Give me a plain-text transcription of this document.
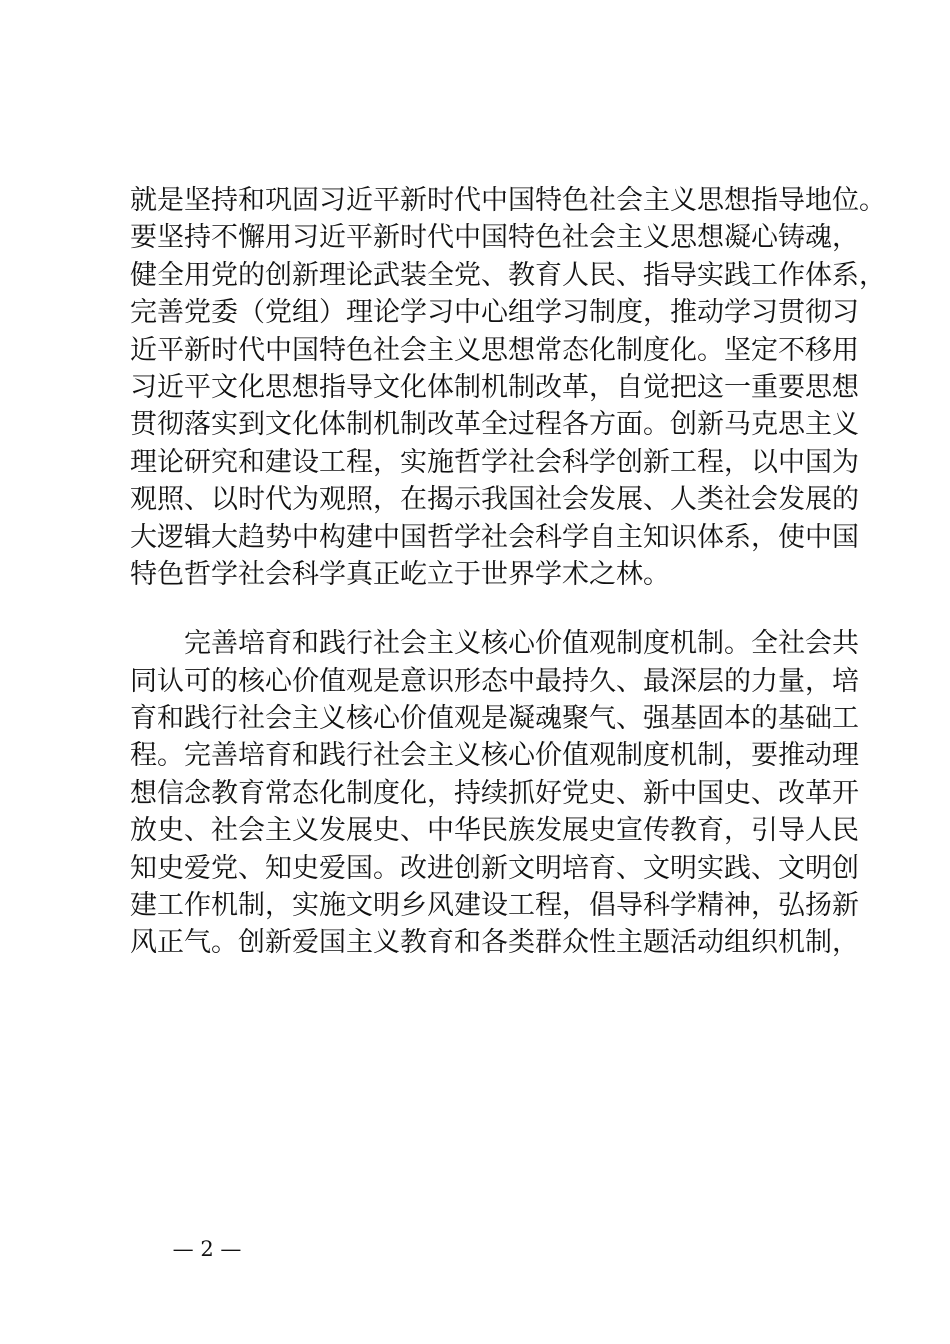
就是坚持和巩固习近平新时代中国特色社会主义思想指导地位。
要坚持不懈用习近平新时代中国特色社会主义思想凝心铸魂，
健全用党的创新理论武装全党、教育人民、指导实践工作体系，
完善党委（党组）理论学习中心组学习制度，推动学习贯彻习
近平新时代中国特色社会主义思想常态化制度化。坚定不移用
习近平文化思想指导文化体制机制改革，自觉把这一重要思想
贯彻落实到文化体制机制改革全过程各方面。创新马克思主义
理论研究和建设工程，实施哲学社会科学创新工程，以中国为
观照、以时代为观照，在揭示我国社会发展、人类社会发展的
大逻辑大趋势中构建中国哲学社会科学自主知识体系，使中国
特色哲学社会科学真正屹立于世界学术之林。
完善培育和践行社会主义核心价值观制度机制。全社会共
同认可的核心价值观是意识形态中最持久、最深层的力量，培
育和践行社会主义核心价值观是凝魂聚气、强基固本的基础工
程。完善培育和践行社会主义核心价值观制度机制，要推动理
想信念教育常态化制度化，持续抓好党史、新中国史、改革开
放史、社会主义发展史、中华民族发展史宣传教育，引导人民
知史爱党、知史爱国。改进创新文明培育、文明实践、文明创
建工作机制，实施文明乡风建设工程，倡导科学精神，弘扬新
风正气。创新爱国主义教育和各类群众性主题活动组织机制，
— 2 —
